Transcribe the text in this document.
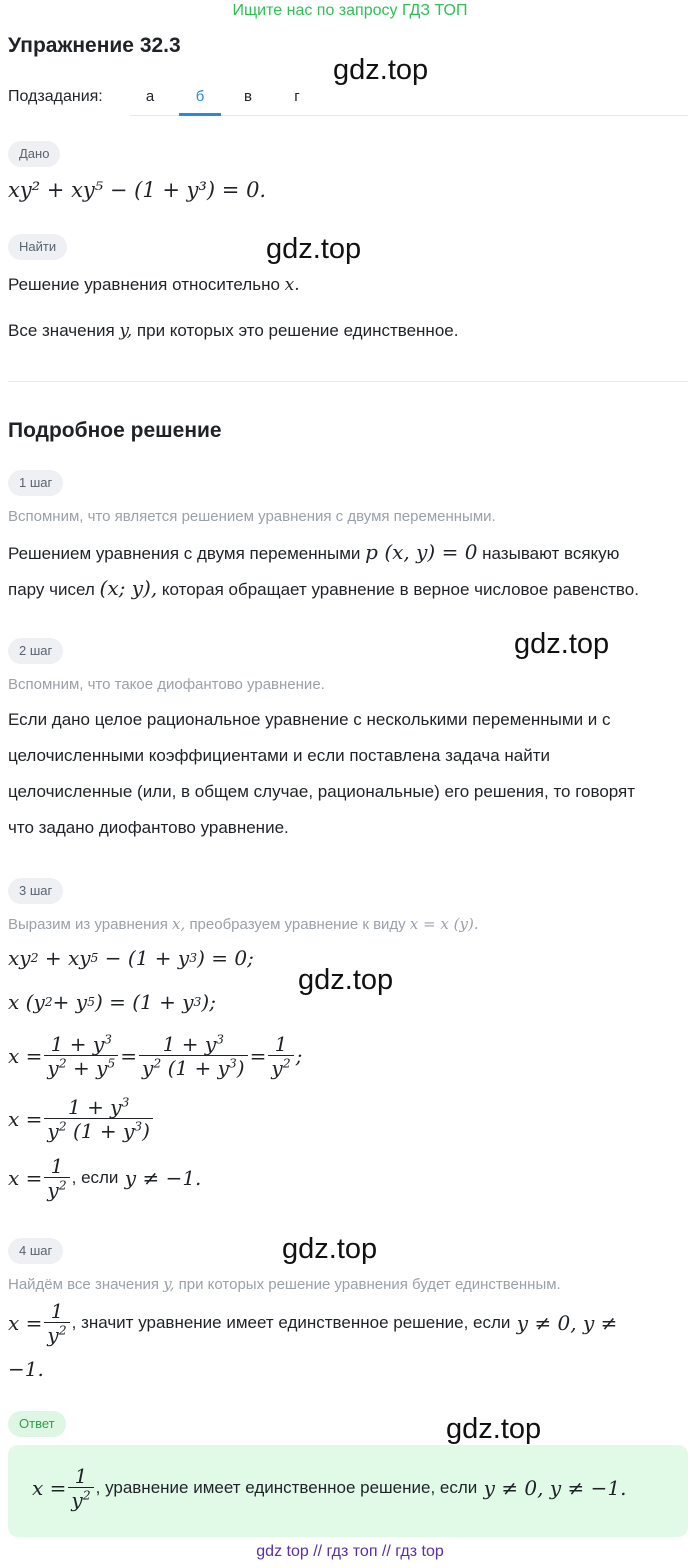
Ищите нас по запросу ГДЗ ТОП
Упражнение 32.3
gdz.top
gdz.top
gdz.top
gdz.top
gdz.top
gdz.top
Подзадания:	а	б	в	г
Дано
xy² + xy⁵ − (1 + y³) = 0.
Найти
Решение уравнения относительно x.
Все значения y, при которых это решение единственное.
Подробное решение
1 шаг
Вспомним, что является решением уравнения с двумя переменными.
Решением уравнения с двумя переменными p (x, y) = 0 называют всякую
пару чисел (x; y), которая обращает уравнение в верное числовое равенство.
2 шаг
Вспомним, что такое диофантово уравнение.
Если дано целое рациональное уравнение с несколькими переменными и с
целочисленными коэффициентами и если поставлена задача найти
целочисленные (или, в общем случае, рациональные) его решения, то говорят
что задано диофантово уравнение.
3 шаг
Выразим из уравнения x, преобразуем уравнение к виду x = x (y).
xy 2 + xy 5 − (1 + y 3 ) = 0;
x (y 2 + y 5 ) = (1 + y 3 );
$x = \frac{1 + y^3}{y^2 + y^5} = \frac{1 + y^3}{y^2 (1 + y^3)} = \frac{1}{y^2}$ ;
$x = \frac{1 + y^3}{y^2 (1 + y^3)}$
$x = \frac{1}{y^2}$ , если y ≠ −1.
4 шаг
Найдём все значения y, при которых решение уравнения будет единственным.
$x = \frac{1}{y^2}$ , значит уравнение имеет единственное решение, если
y ≠ 0, y ≠
−1.
Ответ
$x = \frac{1}{y^2}$ , уравнение имеет единственное решение, если
y ≠ 0, y ≠ −1.
gdz top // гдз топ // гдз top
